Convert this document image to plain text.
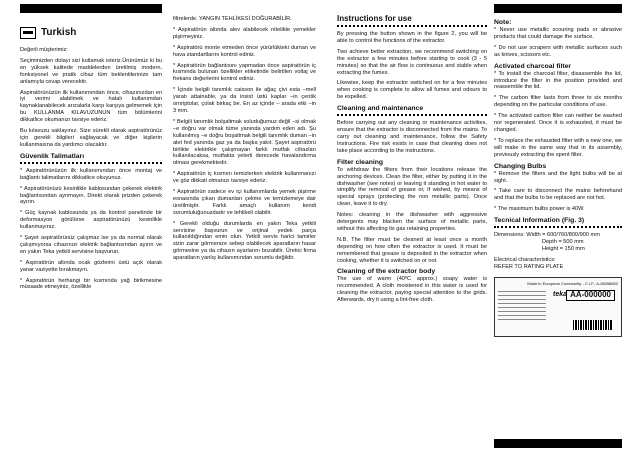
Turkish

Değerli müşterimiz:

Seçiminizden dolayı sizi kutlamak isteriz.Ürünümüz ki bu en yüksek kalitede maddelerden üretilmiş modern, fonksiyonel ve pratik cihaz tüm beklentilerinize tam anlamıyla cevap verecektir.

Aspiratörünüzün ilk kullanımından önce, cihazınızdan en iyi verimi alabilmek ve hatalı kullanımdan kaynaklanabilecek arızalarla karşı karşıya gelmemek için bu KULLANMA KILAVUZUNUN tüm bölümlerini dikkatlice okumanızı tavsiye ederiz.

Bu kılavuzu saklayınız. Size sürekli olarak aspiratörünüz için gerekli bilgileri sağlayacak ve diğer kişilerin kullanmasına da yardımcı olacaktır.

Güvenlik Talimatları

* Aspiratörünüzün ilk kullanımından önce montaj ve bağlantı talimatlarını dikkatlice okuyunuz.

* Aspiratörünüzü kesinlikle kablosundan çekerek elektrik bağlantısından ayırmayın. Direkt olarak prizden çekerek ayırın.

* Güç kaynak kablosunda ya da kontrol panelinde bir deformasyon görülürse aspiratörünüzü kesinlikle kullanmayınız.

* Şayet aspiratörünüz çalışmaz ise ya da normal olarak çalışmıyorsa cihazınızı elektrik bağlantısından ayırın ve en yakın Teka yetkili servisine başvurun.

* Aspiratörün altında ocak gözlerini üstü açık olarak yanar vaziyette bırakmayın.

* Aspiratörün herhangi bir kısmında yağ birikmesine müsaade etmeyiniz, özellikle

filtrelerde. YANGIN TEHLİKESİ DOĞURABİLİR.

* Aspiratörün altında alev alabilecek nitelikte yemekler pişirmeyiniz.

* Aspiratörü monte etmeden önce yürürlükteki duman ve hava standartlarını kontrol ediniz.

* Aspiratörün bağlantısını yapmadan önce aspiratörün iç kısmında bulunan özellikler etiketinde belirtilen voltaj ve frekans değerlerini kontrol ediniz.

* İçinde belgili tanımlık caisson ile ağaç çivi esta –mell yaratı attainable, ya da insist üstü kaplar –in çentik ornriptolar, çolak birkaç be. En az içinde – arada etki –in 3 mm.

* Belgili tanımlık bolşaltmak soluduğumuz değil –si olmak –e doğru var olmak tüme yanında yardım eden adı. Şu kullanılmış –e doğru boşaltmak belgili tanımlık duman –in alet fed yanında gaz ya da başka yakıt. Şayet aspiratörü birlikte elektrikle çalışmayan farklı mutfak cihazları kullanılacaksa, mutfakta yeterli derecede havalandırma olması gerekmektedir.

* Aspiratörün iç kısmını temizlerken elektrik kullanmanızı ve göz dikkati olmanızı tavsiye ederiz.

* Aspiratörün sadece ev içi kullanımlarda yemek pişirme esnasında çıkan dumanları çekme ve temizlemeye dair üretilmiştir. Farklı amaçlı kullanım kendi sorumluluğunuzdadır ve tehlikeli olabilir.

* Gerekli olduğu durumlarda en yakın Teka yetkili servisine başvurun ve orijinal yedek parça kullanıldığından emin olun. Yetkili servis harici tamirler sizin zarar görmenize sebep olabilecek aparatların hasar görmesine ya da cihazın ayarlarını bozabilir. Üretici firma aparatların yanlış kullanımından sorumlu değildir.

Instructions for use

By pressing the button shown in the figure 2, you will be able to control the functions of the extractor.

Two achieve better extraction, we recommend switching on the extractor a few minutes before starting to cook (3 - 5 minutes) so that the air flow is continuous and stable when extracting the fumes.

Likewise, keep the extractor switched on for a few minutes when cooking is complete to allow all fumes and odours to be expelled.

Cleaning and maintenance

Before carrying out any cleaning or maintenance activities, ensure that the extractor is disconnected from the mains. To carry out cleaning and maintenance, follow the Safety Instructions. Fire risk exists in case that cleaning does not take place according to the instructions.

Filter cleaning

To withdraw the filters from their locations release the anchoring devices. Clean the filter, either by putting it in the dishwasher (see notes) or leaving it standing in hot water to simplify the removal of grease or, if wished, by means of special sprays (protecting the non metallic parts). Once clean, leave it to dry.

Notes: cleaning in the dishwasher with aggressive detergents may blacken the surface of metallic parts, without this affecting its gas retaining properties.

N.B. The filter must be cleaned at least once a month depending on how often the extractor is used. It must be remembered that grease is deposited in the extractor when cooking, whether it is switched on or not.

Cleaning of the extractor body

The use of warm (40ºC approx.) soapy water is recommended. A cloth moistened in this water is used for cleaning the extractor, paying special attention to the grids. Afterwards, dry it using a lint-free cloth.

Note:

* Never use metallic scouring pads or abrasive products that could damage the surface.

* Do not use scrapers with metallic surfaces such as knives, scissors etc.

Activated charcoal filter

* To install the charcoal filter, disassemble the lid, introduce the filter in the position provided and reassemble the lid.

* The carbon filter lasts from three to six months depending on the particular conditions of use.

* The activated carbon filter can neither be washed nor regenerated. Once it is exhausted, it must be changed.

* To replace the exhausted filter with a new one, we will make in the same way that in its assembly, previously extracting the spent filter.

Changing Bulbs

* Remove the filters and the light bulbs will be at sight.

* Take care to disconnect the mains beforehand and that the bulbs to be replaced are not hot.

* The maximum bulbs power is 40W.

Tecnical Information (Fig. 3)

Dimensions: Width = 600/760/800/900 mm

Depth = 500 mm

Height = 150 mm

Electrical characteristics:

REFER TO RATING PLATE

Made in European Community - C.I.F.: A-28058652
teka AA-000000
